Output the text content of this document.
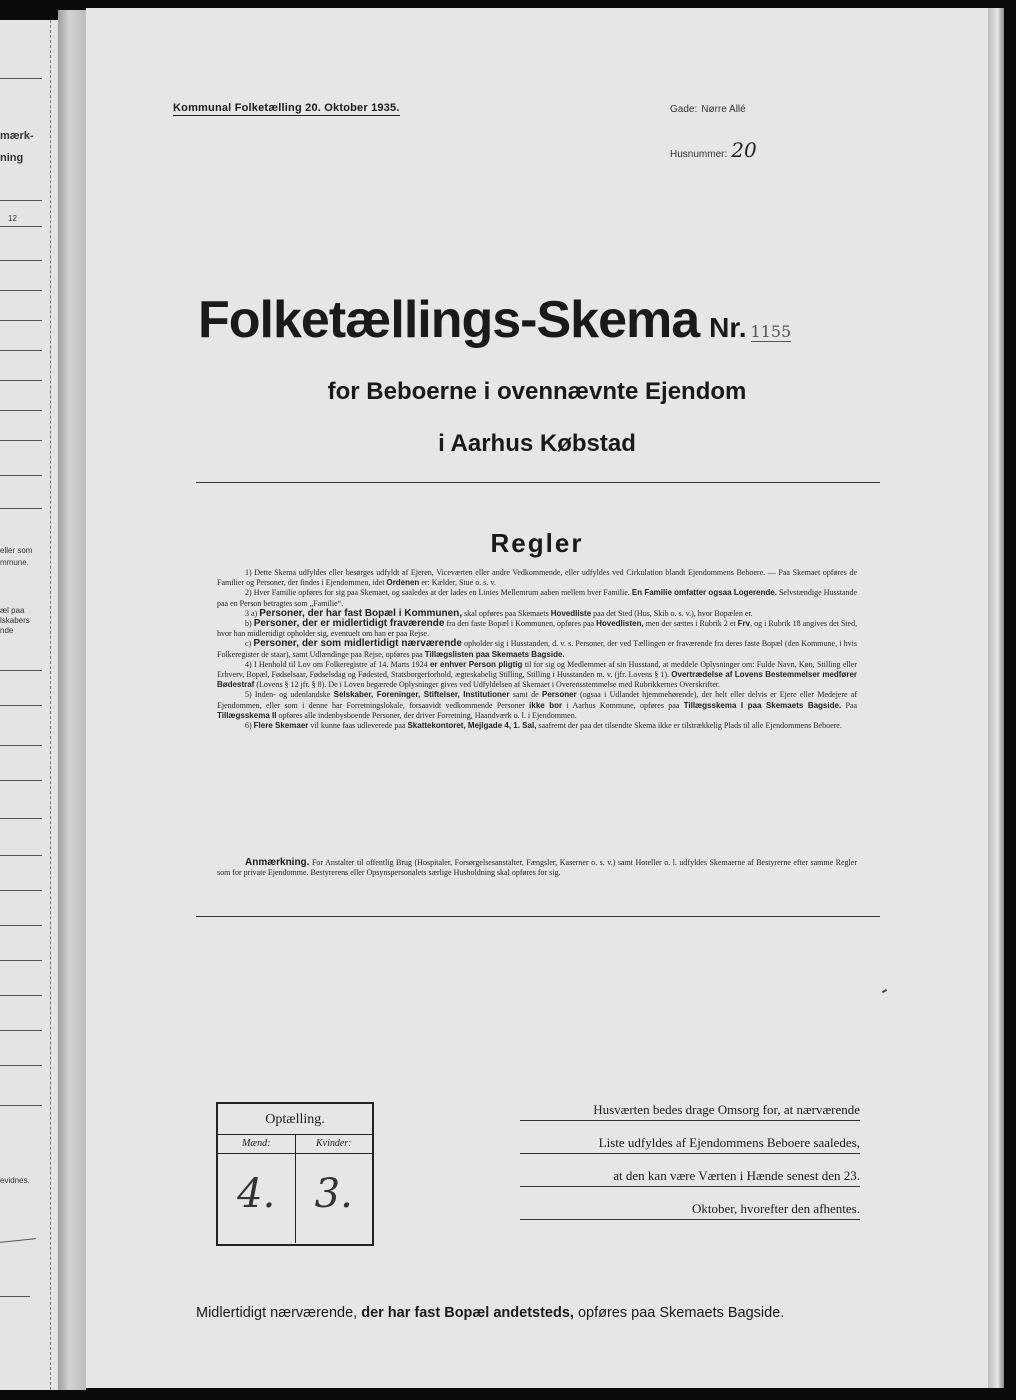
mærk-
ning
12
eller som
mmune.
æl paa
lskabers
nde
evidnes.
Kommunal Folketælling 20. Oktober 1935.	Gade: Nørre Allé
Husnummer: 20
Folketællings-Skema Nr. 1155
for Beboerne i ovennævnte Ejendom
i Aarhus Købstad
Regler

1) Dette Skema udfyldes eller besørges udfyldt af Ejeren, Viceværten eller andre Vedkommende, eller udfyldes ved Cirkulation blandt Ejendommens Beboere. — Paa Skemaet opføres de Familier og Personer, der findes i Ejendommen, idet Ordenen er: Kælder, Stue o. s. v.

2) Hver Familie opføres for sig paa Skemaet, og saaledes at der lades en Linies Mellemrum aaben mellem hver Familie. En Familie omfatter ogsaa Logerende. Selvstændige Husstande paa en Person betragtes som „Familie“.

3 a) Personer, der har fast Bopæl i Kommunen, skal opføres paa Skemaets Hovedliste paa det Sted (Hus, Skib o. s. v.), hvor Bopælen er.

b) Personer, der er midlertidigt fraværende fra den faste Bopæl i Kommunen, opføres paa Hovedlisten, men der sættes i Rubrik 2 et Frv, og i Rubrik 18 angives det Sted, hvor han midlertidigt opholder sig, eventuelt om han er paa Rejse.

c) Personer, der som midlertidigt nærværende opholder sig i Husstanden, d. v. s. Personer, der ved Tællingen er fraværende fra deres faste Bopæl (den Kommune, i hvis Folkeregister de staar), samt Udlændinge paa Rejse, opføres paa Tillægslisten paa Skemaets Bagside.

4) I Henhold til Lov om Folkeregistre af 14. Marts 1924 er enhver Person pligtig til for sig og Medlemmer af sin Husstand, at meddele Oplysninger om: Fulde Navn, Køn, Stilling eller Erhverv, Bopæl, Fødselsaar, Fødselsdag og Fødested, Statsborgerforhold, ægteskabelig Stilling, Stilling i Husstanden m. v. (jfr. Lovens § 1). Overtrædelse af Lovens Bestemmelser medfører Bødestraf (Lovens § 12 jfr. § 8). De i Loven begærede Oplysninger gives ved Udfyldelsen af Skemaet i Overensstemmelse med Rubrikkernes Overskrifter.

5) Inden- og udenlandske Selskaber, Foreninger, Stiftelser, Institutioner samt de Personer (ogsaa i Udlandet hjemmehørende), der helt eller delvis er Ejere eller Medejere af Ejendommen, eller som i denne har Forretningslokale, forsaavidt vedkommende Personer ikke bor i Aarhus Kommune, opføres paa Tillægsskema I paa Skemaets Bagside. Paa Tillægsskema II opføres alle indenbysboende Personer, der driver Forretning, Haandværk o. l. i Ejendommen.

6) Flere Skemaer vil kunne faas udleverede paa Skattekontoret, Mejlgade 4, 1. Sal, saafremt der paa det tilsendte Skema ikke er tilstrækkelig Plads til alle Ejendommens Beboere.

Anmærkning. For Anstalter til offentlig Brug (Hospitaler, Forsørgelsesanstalter, Fængsler, Kaserner o. s. v.) samt Hoteller o. l. udfyldes Skemaerne af Bestyrerne efter samme Regler som for private Ejendomme. Bestyrerens eller Opsynspersonalets særlige Husholdning skal opføres for sig.

Optælling.
Mænd:
4.
Kvinder:
3.
Husværten bedes drage Omsorg for, at nærværende
Liste udfyldes af Ejendommens Beboere saaledes,
at den kan være Værten i Hænde senest den 23.
Oktober, hvorefter den afhentes.
Midlertidigt nærværende, der har fast Bopæl andetsteds, opføres paa Skemaets Bagside.
